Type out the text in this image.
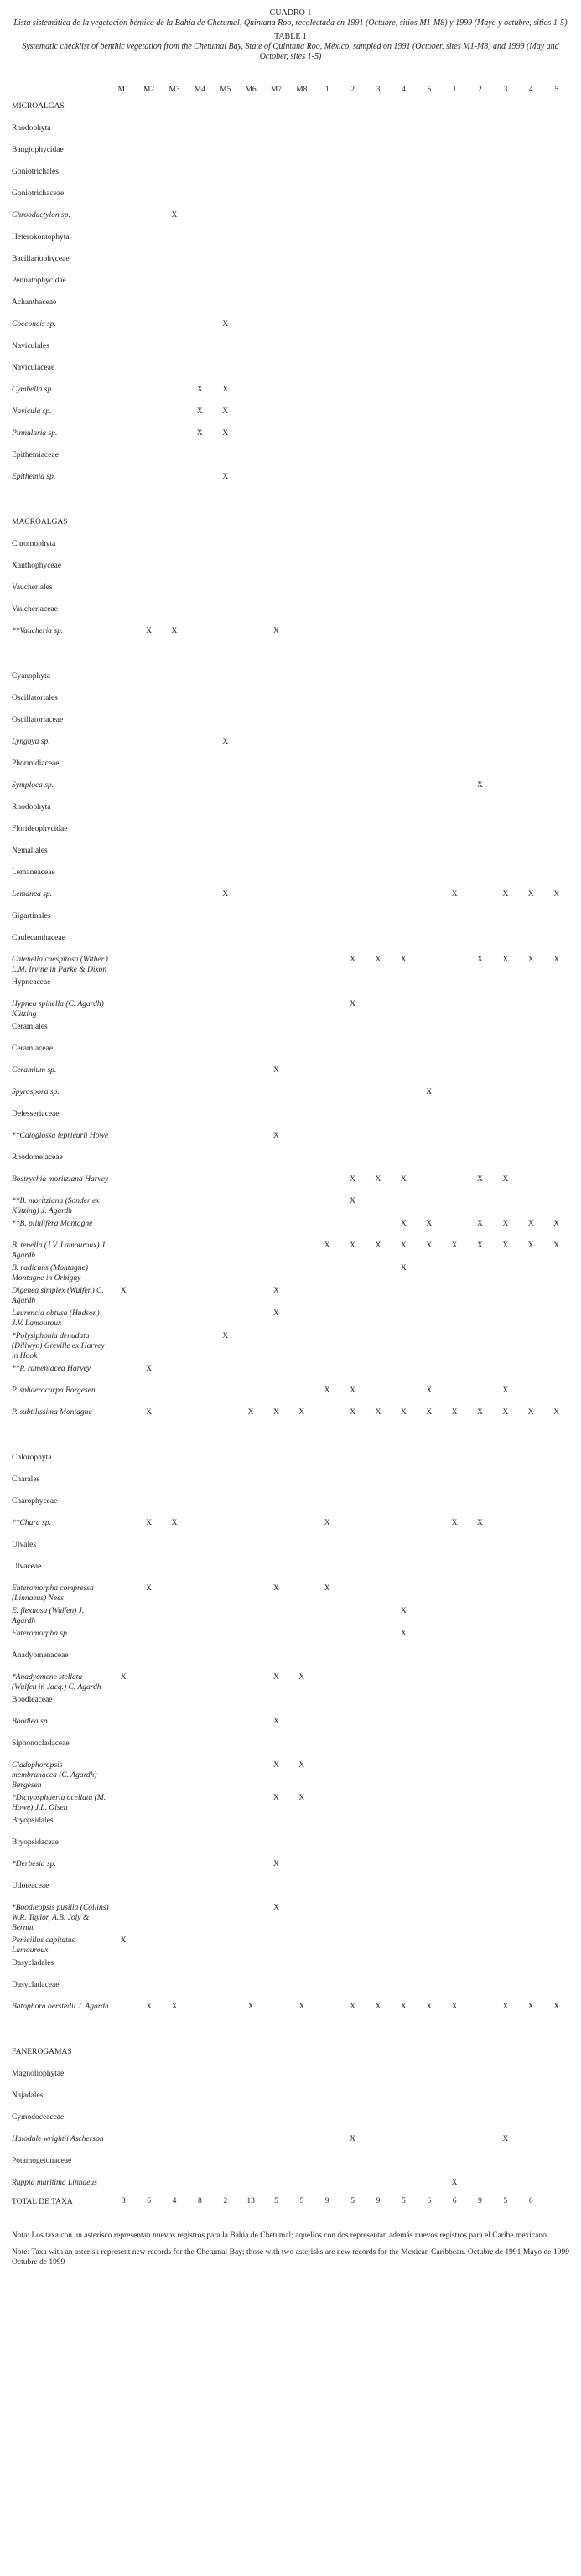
CUADRO 1

Lista sistemática de la vegetación béntica de la Bahía de Chetumal, Quintana Roo, recolectada en 1991 (Octubre, sitios M1-M8) y 1999 (Mayo y octubre, sitios 1-5)

TABLE 1

Systematic checklist of benthic vegetation from the Chetumal Bay, State of Quintana Roo, México, sampled on 1991 (October, sites M1-M8) and 1999 (May and October, sites 1-5)

	M1	M2	M3	M4	M5	M6	M7	M8	1	2	3	4	5	1	2	3	4	5
MICROALGAS																		
Rhodophyta																		
Bangiophycidae																		
Goniotrichales																		
Goniotrichaceae																		
Chroodactylon sp.			X															
Heterokontophyta																		
Bacillariophyceae																		
Pennatophycidae																		
Achanthaceae																		
Cocconeis sp.					X													
Naviculales																		
Naviculaceae																		
Cymbella sp.				X	X													
Navicula sp.				X	X													
Pinnularia sp.				X	X													
Epithemiaceae																		
Epithemia sp.					X													

MACROALGAS																		
Chromophyta																		
Xanthophyceae																		
Vaucheriales																		
Vaucheriaceae																		
**Vaucheria sp.		X	X				X											

Cyanophyta																		
Oscillatoriales																		
Oscillatoriaceae																		
Lyngbya sp.					X													
Phormidiaceae																		
Symploca sp.															X			
Rhodophyta																		
Florideophycidae																		
Nemaliales																		
Lemaneaceae																		
Lemanea sp.					X									X		X	X	X
Gigartinales																		
Caulecanthaceae																		
Catenella caespitosa (Wither.) L.M. Irvine in Parke & Dixon										X	X	X			X	X	X	X
Hypneaceae																		
Hypnea spinella (C. Agardh) Kützing										X								
Ceramiales																		
Ceramiaceae																		
Ceramium sp.							X											
Spyrospora sp.													X					
Delesseriaceae																		
**Caloglossa leprieurii Howe							X											
Rhodomelaceae																		
Bostrychia moritziana Harvey										X	X	X			X	X		
**B. moritziana (Sonder ex Kützing) J. Agardh										X								
**B. pilulifera Montagne												X	X		X	X	X	X
B. tenella (J.V. Lamouroux) J. Agardh									X	X	X	X	X	X	X	X	X	X
B. radicans (Montagne) Montagne in Orbigny												X						
Digenea simplex (Wulfen) C. Agardh	X						X											
Laurencia obtusa (Hudson) J.V. Lamouroux							X											
*Polysiphonia denudata (Dillwyn) Greville ex Harvey in Hook					X													
**P. ramentacea Harvey		X																
P. sphaerocarpa Borgesen									X	X			X			X		
P. subtilissima Montagne		X				X	X	X		X	X	X	X	X	X	X	X	X

Chlorophyta																		
Charales																		
Charophyceae																		
**Chara sp.		X	X						X					X	X			
Ulvales																		
Ulvaceae																		
Enteromorpha compressa (Linnaeus) Nees		X					X		X									
E. flexuosa (Wulfen) J. Agardh												X						
Enteromorpha sp.												X						
Anadyomenaceae																		
*Anadyomene stellata (Wulfen in Jacq.) C. Agardh	X						X	X										
Boodleaceae																		
Boodlea sp.							X											
Siphonocladaceae																		
Cladophoropsis membranacea (C. Agardh) Børgesen							X	X										
*Dictyosphaeria ocellata (M. Howe) J.L. Olsen							X	X										
Bryopsidales																		
Bryopsidaceae																		
*Derbesia sp.							X											
Udoteaceae																		
*Boodleopsis pusilla (Collins) W.R. Taylor, A.B. Joly & Bernat							X											
Penicillus capitatus Lamouroux	X																	
Dasycladales																		
Dasycladaceae																		
Batophora oerstedii J. Agardh		X	X			X		X		X	X	X	X	X		X	X	X

FANEROGAMAS																		
Magnoliophytae																		
Najadales																		
Cymodoceaceae																		
Halodule wrightii Ascherson										X						X		
Potamogetonaceae																		
Ruppia maritima Linnaeus														X				
TOTAL DE TAXA	3	6	4	8	2	13	5	5	9	5	9	5	6	6	9	5	6	

Nota: Los taxa con un asterisco representan nuevos registros para la Bahía de Chetumal; aquellos con dos representan además nuevos registros para el Caribe mexicano.

Note: Taxa with an asterisk represent new records for the Chetumal Bay; those with two asterisks are new records for the Mexican Caribbean. Octubre de 1991 Mayo de 1999 Octubre de 1999
